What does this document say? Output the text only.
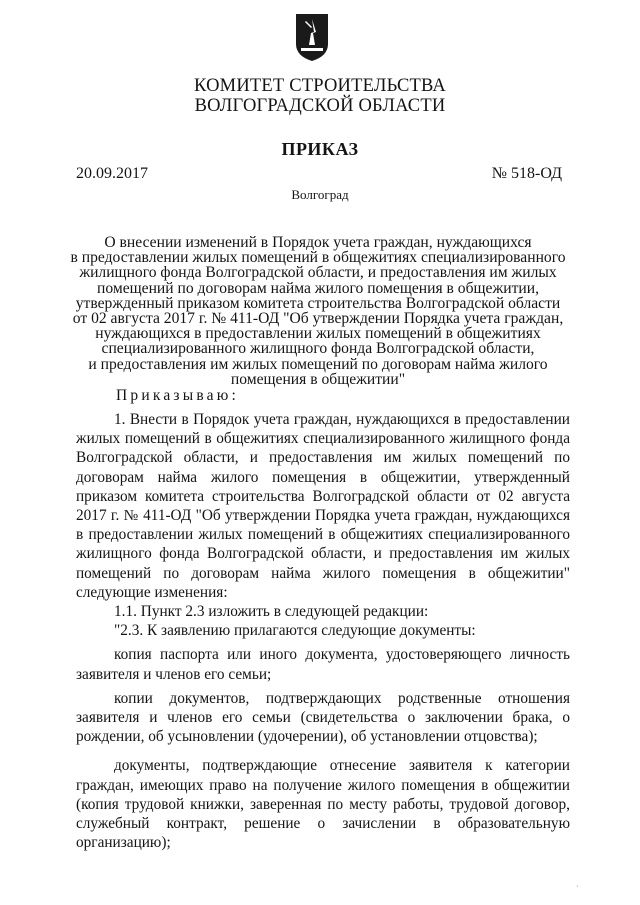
КОМИТЕТ СТРОИТЕЛЬСТВА
ВОЛГОГРАДСКОЙ ОБЛАСТИ
ПРИКАЗ
20.09.2017	№ 518-ОД
Волгоград
О внесении изменений в Порядок учета граждан, нуждающихся
в предоставлении жилых помещений в общежитиях специализированного
жилищного фонда Волгоградской области, и предоставления им жилых
помещений по договорам найма жилого помещения в общежитии,
утвержденный приказом комитета строительства Волгоградской области
от 02 августа 2017 г. № 411-ОД "Об утверждении Порядка учета граждан,
нуждающихся в предоставлении жилых помещений в общежитиях
специализированного жилищного фонда Волгоградской области,
и предоставления им жилых помещений по договорам найма жилого
помещения в общежитии"
Приказываю:

1. Внести в Порядок учета граждан, нуждающихся в предоставлении жилых помещений в общежитиях специализированного жилищного фонда Волгоградской области, и предоставления им жилых помещений по договорам найма жилого помещения в общежитии, утвержденный приказом комитета строительства Волгоградской области от 02 августа 2017 г. № 411-ОД "Об утверждении Порядка учета граждан, нуждающихся в предоставлении жилых помещений в общежитиях специализированного жилищного фонда Волгоградской области, и предоставления им жилых помещений по договорам найма жилого помещения в общежитии" следующие изменения:

1.1. Пункт 2.3 изложить в следующей редакции:

"2.3. К заявлению прилагаются следующие документы:

копия паспорта или иного документа, удостоверяющего личность заявителя и членов его семьи;

копии документов, подтверждающих родственные отношения заявителя и членов его семьи (свидетельства о заключении брака, о рождении, об усыновлении (удочерении), об установлении отцовства);

документы, подтверждающие отнесение заявителя к категории граждан, имеющих право на получение жилого помещения в общежитии (копия трудовой книжки, заверенная по месту работы, трудовой договор, служебный контракт, решение о зачислении в образовательную организацию);

·
